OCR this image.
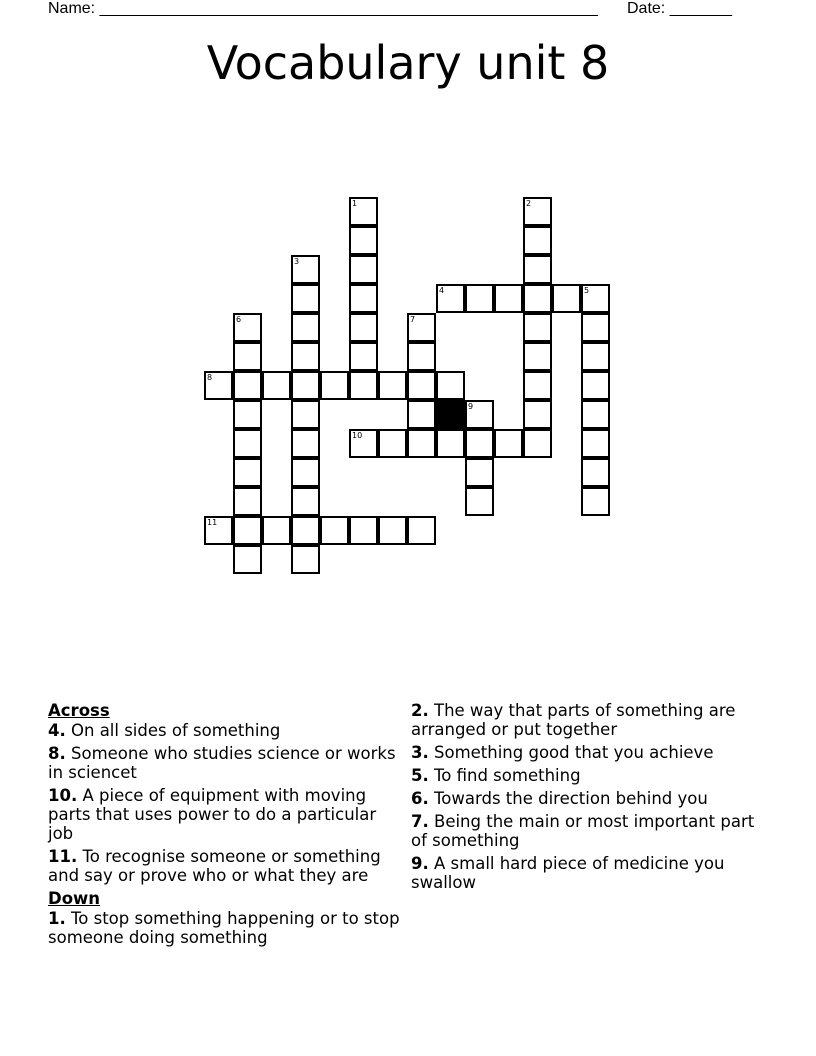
Name: ________________________________________________________ Date: _______
Vocabulary unit 8
1	2
3
4	5
6	7
8
9
10
11
Across
4. On all sides of something
8. Someone who studies science or works in sciencet
10. A piece of equipment with moving parts that uses power to do a particular job
11. To recognise someone or something and say or prove who or what they are
Down
1. To stop something happening or to stop someone doing something
2. The way that parts of something are arranged or put together
3. Something good that you achieve
5. To find something
6. Towards the direction behind you
7. Being the main or most important part of something
9. A small hard piece of medicine you swallow
